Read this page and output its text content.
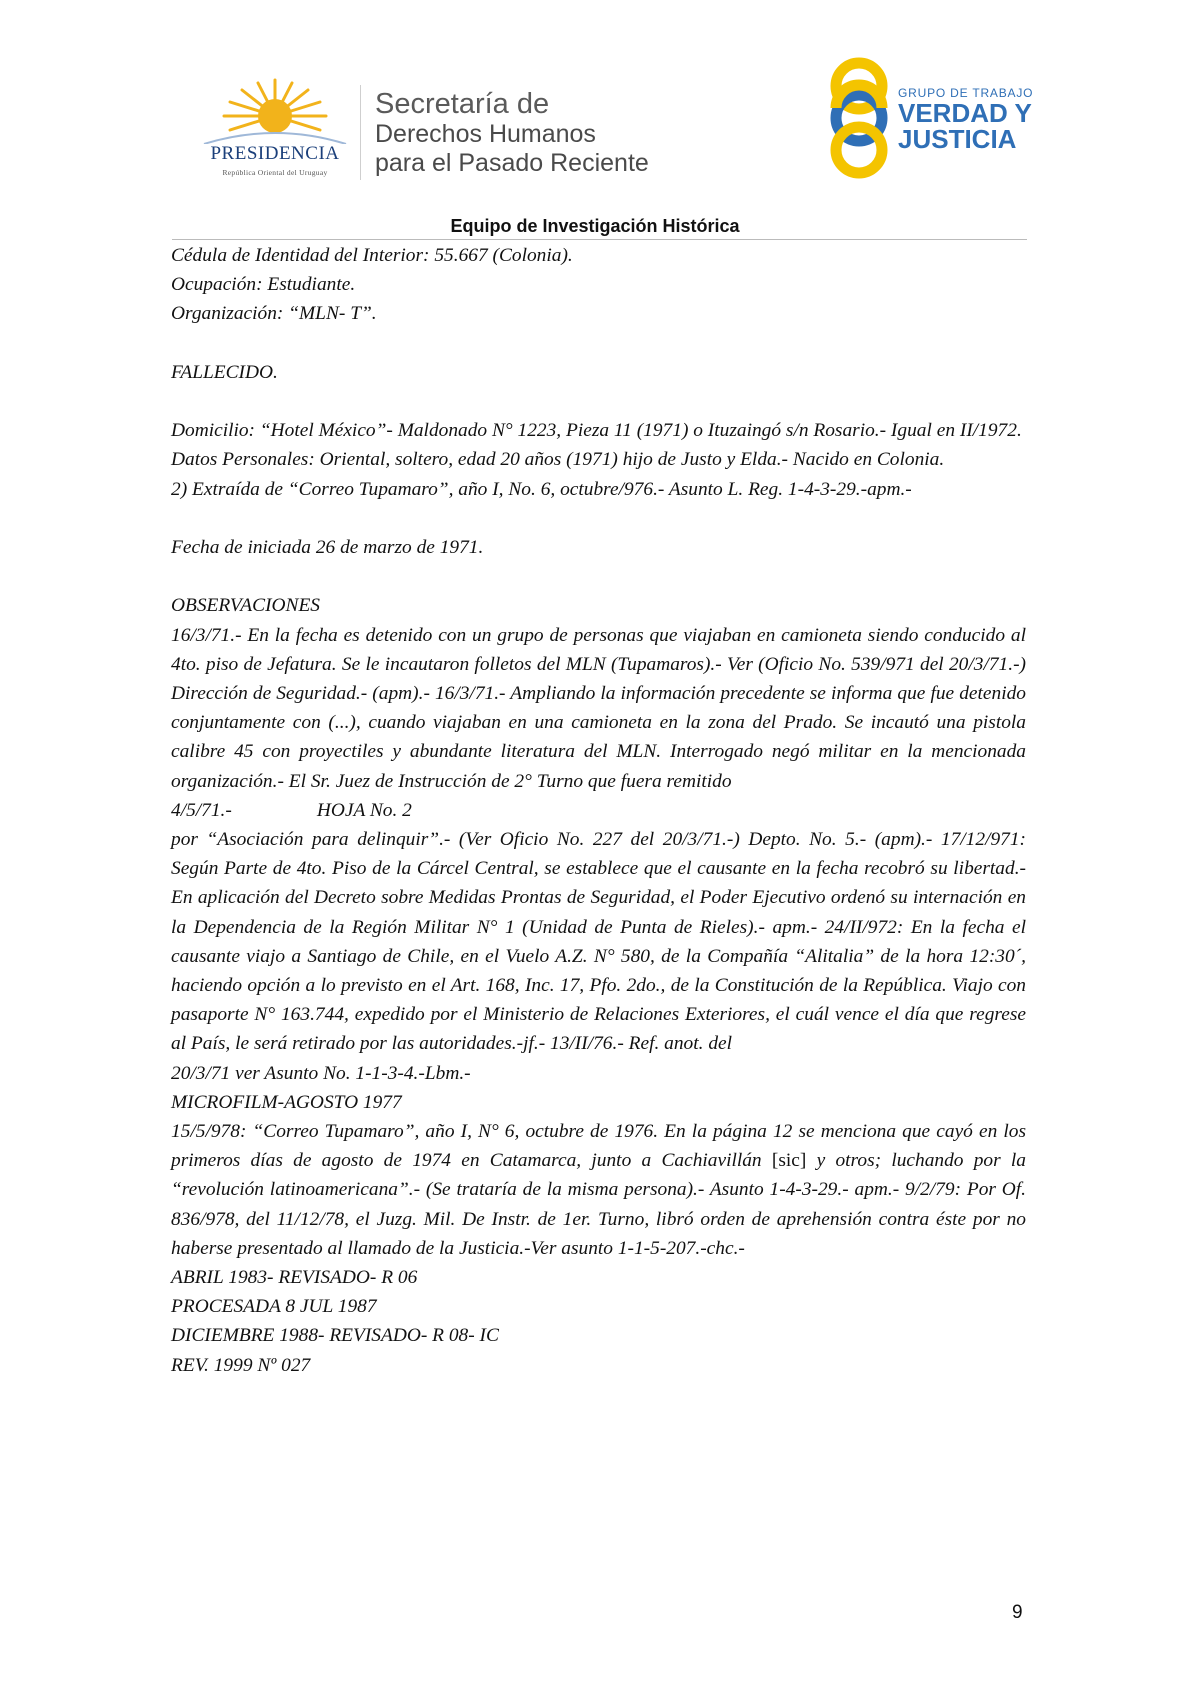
PRESIDENCIA
República Oriental del Uruguay
Secretaría de
Derechos Humanos
para el Pasado Reciente
GRUPO DE TRABAJO
VERDAD Y
JUSTICIA
Equipo de Investigación Histórica

Cédula de Identidad del Interior: 55.667 (Colonia).

Ocupación: Estudiante.

Organización: “MLN- T”.

FALLECIDO.

Domicilio: “Hotel México”- Maldonado N° 1223, Pieza 11 (1971) o Ituzaingó s/n Rosario.- Igual en II/1972.

Datos Personales: Oriental, soltero, edad 20 años (1971) hijo de Justo y Elda.- Nacido en Colonia.

2) Extraída de “Correo Tupamaro”, año I, No. 6, octubre/976.- Asunto L. Reg. 1-4-3-29.-apm.-

Fecha de iniciada 26 de marzo de 1971.

OBSERVACIONES

16/3/71.- En la fecha es detenido con un grupo de personas que viajaban en camioneta siendo conducido al 4to. piso de Jefatura. Se le incautaron folletos del MLN (Tupamaros).- Ver (Oficio No. 539/971 del 20/3/71.-) Dirección de Seguridad.- (apm).- 16/3/71.- Ampliando la información precedente se informa que fue detenido conjuntamente con (...), cuando viajaban en una camioneta en la zona del Prado. Se incautó una pistola calibre 45 con proyectiles y abundante literatura del MLN. Interrogado negó militar en la mencionada organización.- El Sr. Juez de Instrucción de 2° Turno que fuera remitido

4/5/71.-	HOJA No. 2

por “Asociación para delinquir”.- (Ver Oficio No. 227 del 20/3/71.-) Depto. No. 5.- (apm).- 17/12/971: Según Parte de 4to. Piso de la Cárcel Central, se establece que el causante en la fecha recobró su libertad.- En aplicación del Decreto sobre Medidas Prontas de Seguridad, el Poder Ejecutivo ordenó su internación en la Dependencia de la Región Militar N° 1 (Unidad de Punta de Rieles).- apm.- 24/II/972: En la fecha el causante viajo a Santiago de Chile, en el Vuelo A.Z. N° 580, de la Compañía “Alitalia” de la hora 12:30´, haciendo opción a lo previsto en el Art. 168, Inc. 17, Pfo. 2do., de la Constitución de la República. Viajo con pasaporte N° 163.744, expedido por el Ministerio de Relaciones Exteriores, el cuál vence el día que regrese al País, le será retirado por las autoridades.-jf.- 13/II/76.- Ref. anot. del

20/3/71 ver Asunto No. 1-1-3-4.-Lbm.-

MICROFILM-AGOSTO 1977

15/5/978: “Correo Tupamaro”, año I, N° 6, octubre de 1976. En la página 12 se menciona que cayó en los primeros días de agosto de 1974 en Catamarca, junto a Cachiavillán [sic] y otros; luchando por la “revolución latinoamericana”.- (Se trataría de la misma persona).- Asunto 1-4-3-29.- apm.- 9/2/79: Por Of. 836/978, del 11/12/78, el Juzg. Mil. De Instr. de 1er. Turno, libró orden de aprehensión contra éste por no haberse presentado al llamado de la Justicia.-Ver asunto 1-1-5-207.-chc.-

ABRIL 1983- REVISADO- R 06

PROCESADA 8 JUL 1987

DICIEMBRE 1988- REVISADO- R 08- IC

REV. 1999 Nº 027

9
